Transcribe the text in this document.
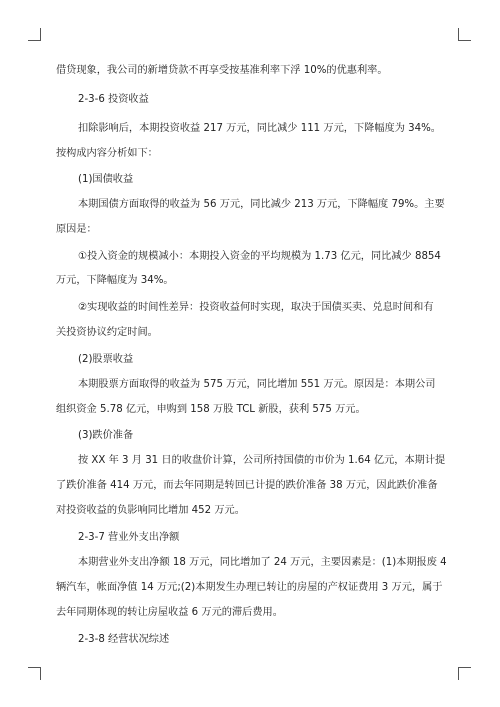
借贷现象，我公司的新增贷款不再享受按基准利率下浮 10%的优惠利率。
2-3-6 投资收益
扣除影响后，本期投资收益 217 万元，同比减少 111 万元，下降幅度为 34%。
按构成内容分析如下：
(1)国债收益
本期国债方面取得的收益为 56 万元，同比减少 213 万元，下降幅度 79%。主要
原因是：
①投入资金的规模减小：本期投入资金的平均规模为 1.73 亿元，同比减少 8854
万元，下降幅度为 34%。
②实现收益的时间性差异：投资收益何时实现，取决于国债买卖、兑息时间和有
关投资协议约定时间。
(2)股票收益
本期股票方面取得的收益为 575 万元，同比增加 551 万元。原因是：本期公司
组织资金 5.78 亿元，申购到 158 万股 TCL 新股，获利 575 万元。
(3)跌价准备
按 XX 年 3 月 31 日的收盘价计算，公司所持国债的市价为 1.64 亿元，本期计提
了跌价准备 414 万元，而去年同期是转回已计提的跌价准备 38 万元，因此跌价准备
对投资收益的负影响同比增加 452 万元。
2-3-7 营业外支出净额
本期营业外支出净额 18 万元，同比增加了 24 万元，主要因素是：(1)本期报废 4
辆汽车，帐面净值 14 万元;(2)本期发生办理已转让的房屋的产权证费用 3 万元，属于
去年同期体现的转让房屋收益 6 万元的滞后费用。
2-3-8 经营状况综述
